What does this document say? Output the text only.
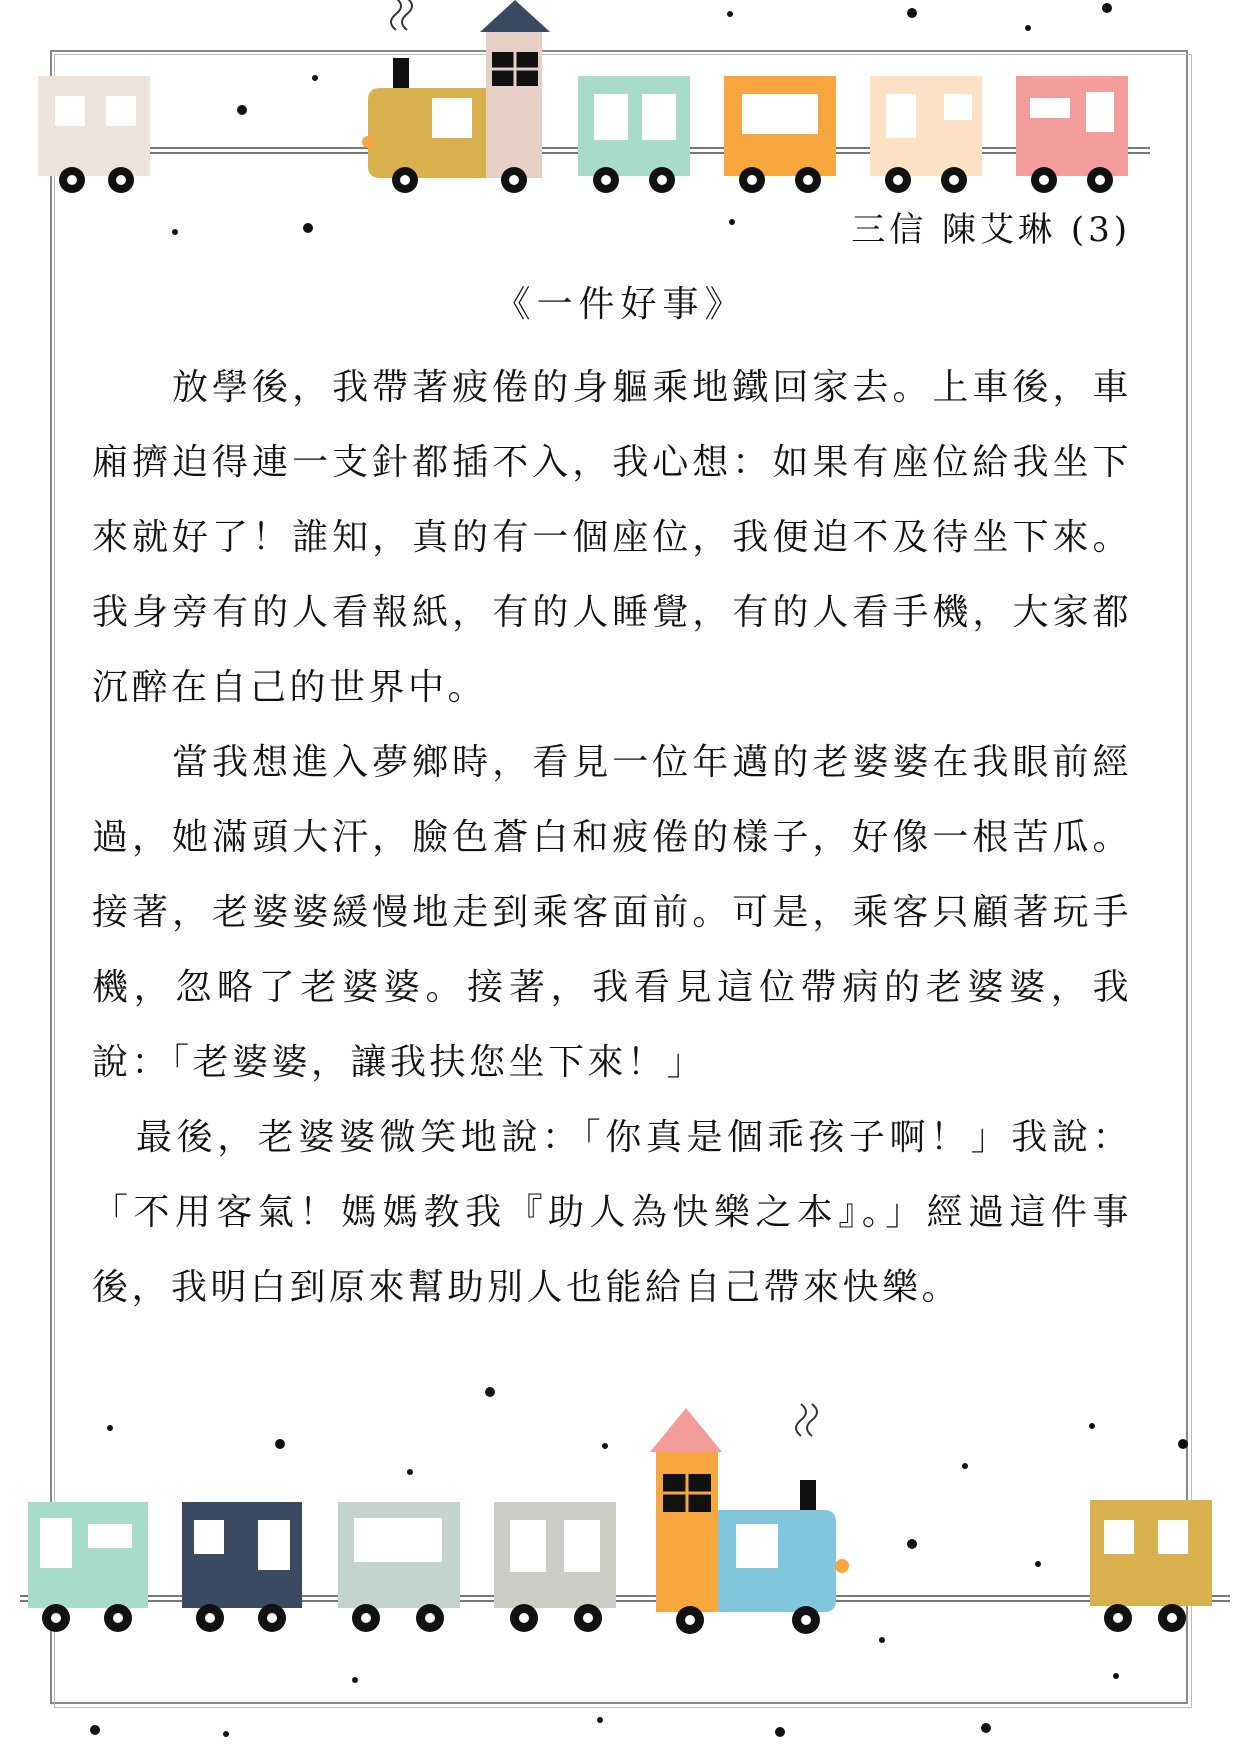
三信 陳艾琳 (3)
《一件好事》

放學後，我帶著疲倦的身軀乘地鐵回家去。上車後，車廂擠迫得連一支針都插不入，我心想：如果有座位給我坐下來就好了！誰知，真的有一個座位，我便迫不及待坐下來。我身旁有的人看報紙，有的人睡覺，有的人看手機，大家都沉醉在自己的世界中。

當我想進入夢鄉時，看見一位年邁的老婆婆在我眼前經過，她滿頭大汗，臉色蒼白和疲倦的樣子，好像一根苦瓜。接著，老婆婆緩慢地走到乘客面前。可是，乘客只顧著玩手機，忽略了老婆婆。接著，我看見這位帶病的老婆婆，我說：「老婆婆，讓我扶您坐下來！」

最後，老婆婆微笑地說：「你真是個乖孩子啊！」我說：「不用客氣！媽媽教我『助人為快樂之本』。」經過這件事後，我明白到原來幫助別人也能給自己帶來快樂。
